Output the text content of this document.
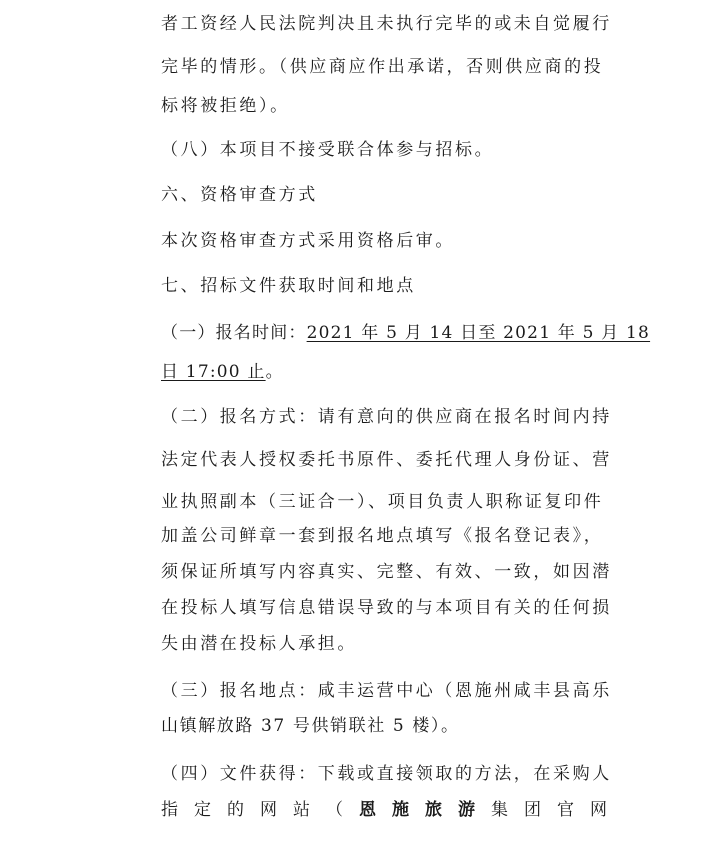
者工资经人民法院判决且未执行完毕的或未自觉履行
完毕的情形。（供应商应作出承诺，否则供应商的投
标将被拒绝）。
（八）本项目不接受联合体参与招标。
六、资格审查方式
本次资格审查方式采用资格后审。
七、招标文件获取时间和地点
（一）报名时间：2021 年 5 月 14 日至 2021 年 5 月 18
日 17:00 止。
（二）报名方式：请有意向的供应商在报名时间内持
法定代表人授权委托书原件、委托代理人身份证、营
业执照副本（三证合一）、项目负责人职称证复印件
加盖公司鲜章一套到报名地点填写《报名登记表》，
须保证所填写内容真实、完整、有效、一致，如因潜
在投标人填写信息错误导致的与本项目有关的任何损
失由潜在投标人承担。
（三）报名地点：咸丰运营中心（恩施州咸丰县高乐
山镇解放路 37 号供销联社 5 楼）。
（四）文件获得：下载或直接领取的方法，在采购人
指 定 的 网 站 （ 恩 施 旅 游 集 团 官 网
